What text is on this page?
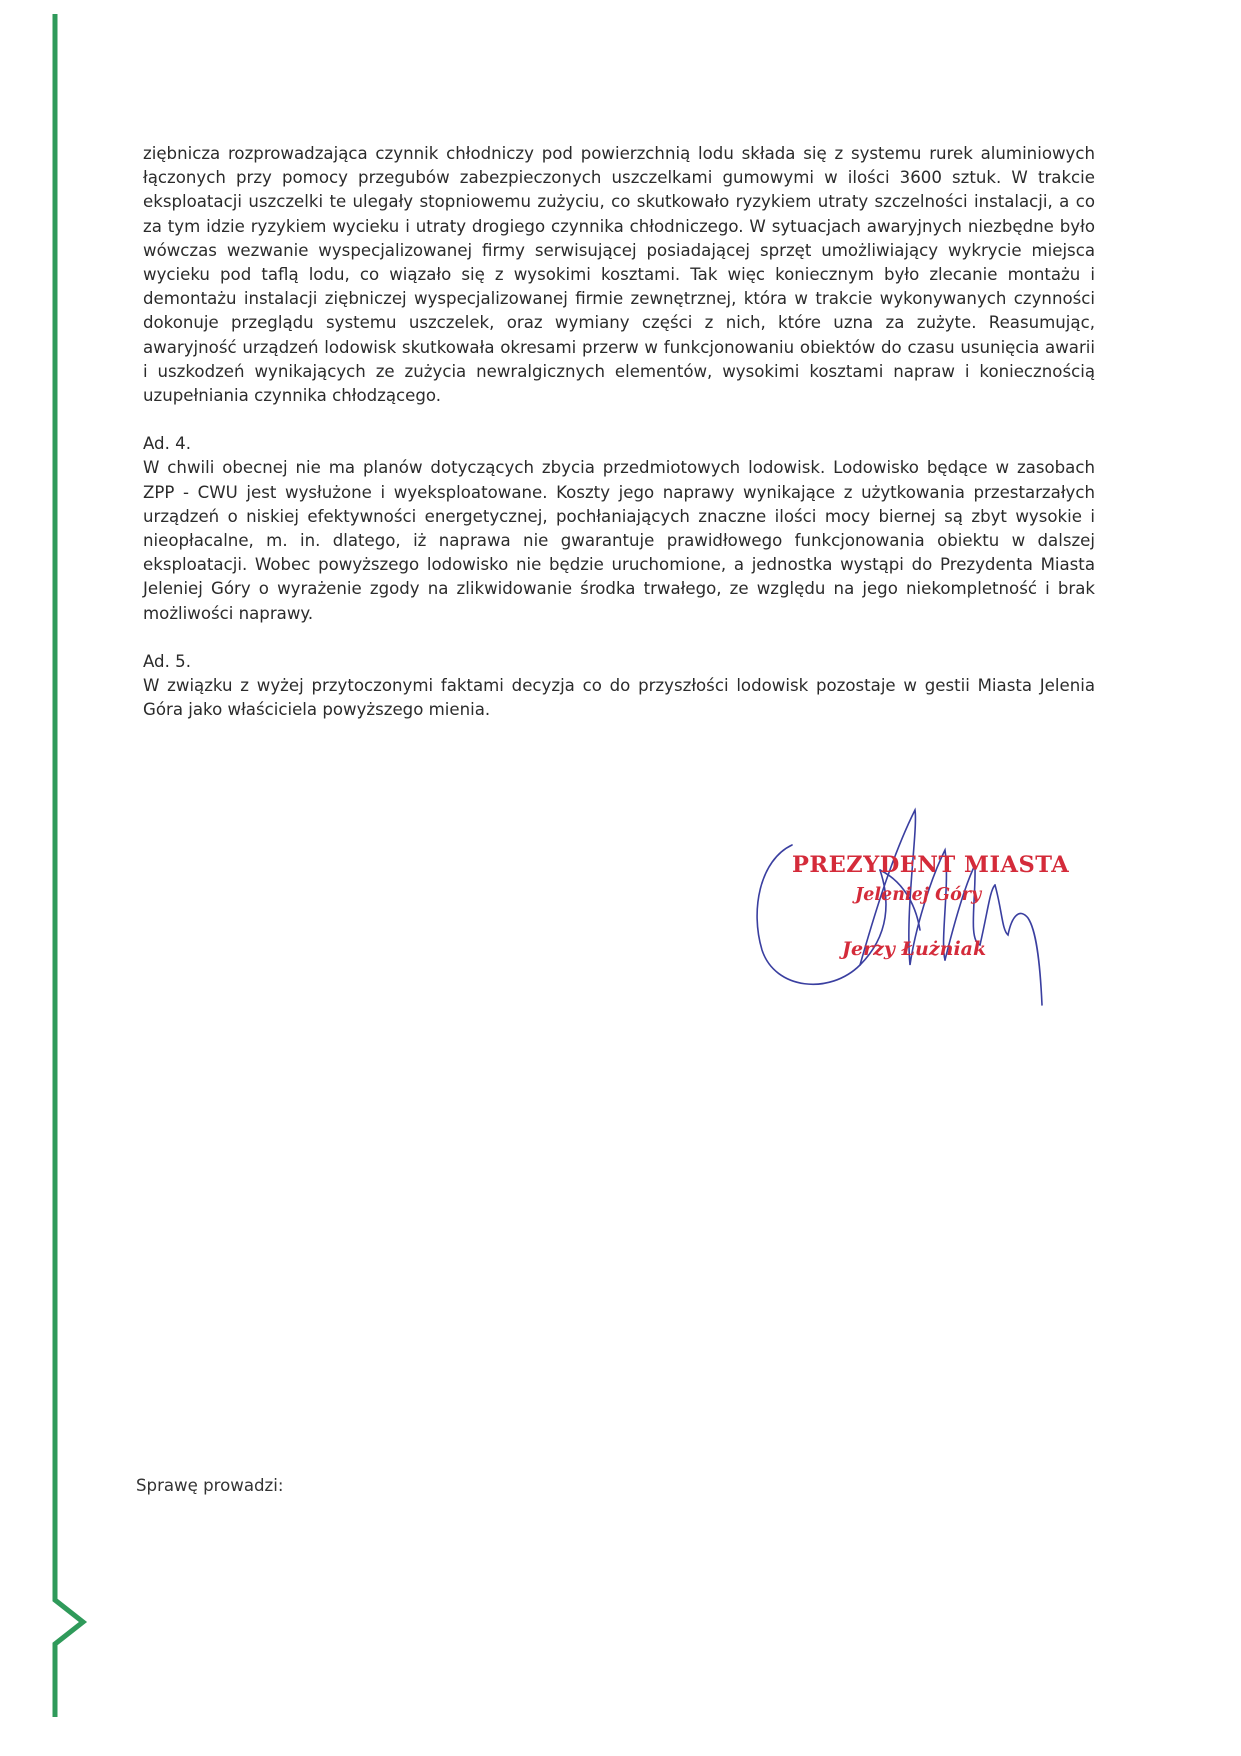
ziębnicza rozprowadzająca czynnik chłodniczy pod powierzchnią lodu składa się z systemu rurek aluminiowych łączonych przy pomocy przegubów zabezpieczonych uszczelkami gumowymi w ilości 3600 sztuk. W trakcie eksploatacji uszczelki te ulegały stopniowemu zużyciu, co skutkowało ryzykiem utraty szczelności instalacji, a co za tym idzie ryzykiem wycieku i utraty drogiego czynnika chłodniczego. W sytuacjach awaryjnych niezbędne było wówczas wezwanie wyspecjalizowanej firmy serwisującej posiadającej sprzęt umożliwiający wykrycie miejsca wycieku pod taflą lodu, co wiązało się z wysokimi kosztami. Tak więc koniecznym było zlecanie montażu i demontażu instalacji ziębniczej wyspecjalizowanej firmie zewnętrznej, która w trakcie wykonywanych czynności dokonuje przeglądu systemu uszczelek, oraz wymiany części z nich, które uzna za zużyte. Reasumując, awaryjność urządzeń lodowisk skutkowała okresami przerw w funkcjonowaniu obiektów do czasu usunięcia awarii i uszkodzeń wynikających ze zużycia newralgicznych elementów, wysokimi kosztami napraw i koniecznością uzupełniania czynnika chłodzącego.

Ad. 4.

W chwili obecnej nie ma planów dotyczących zbycia przedmiotowych lodowisk. Lodowisko będące w zasobach ZPP - CWU jest wysłużone i wyeksploatowane. Koszty jego naprawy wynikające z użytkowania przestarzałych urządzeń o niskiej efektywności energetycznej, pochłaniających znaczne ilości mocy biernej są zbyt wysokie i nieopłacalne, m. in. dlatego, iż naprawa nie gwarantuje prawidłowego funkcjonowania obiektu w dalszej eksploatacji. Wobec powyższego lodowisko nie będzie uruchomione, a jednostka wystąpi do Prezydenta Miasta Jeleniej Góry o wyrażenie zgody na zlikwidowanie środka trwałego, ze względu na jego niekompletność i brak możliwości naprawy.

Ad. 5.

W związku z wyżej przytoczonymi faktami decyzja co do przyszłości lodowisk pozostaje w gestii Miasta Jelenia Góra jako właściciela powyższego mienia.

PREZYDENT MIASTA
Jeleniej Góry
Jerzy Łużniak
Sprawę prowadzi:
